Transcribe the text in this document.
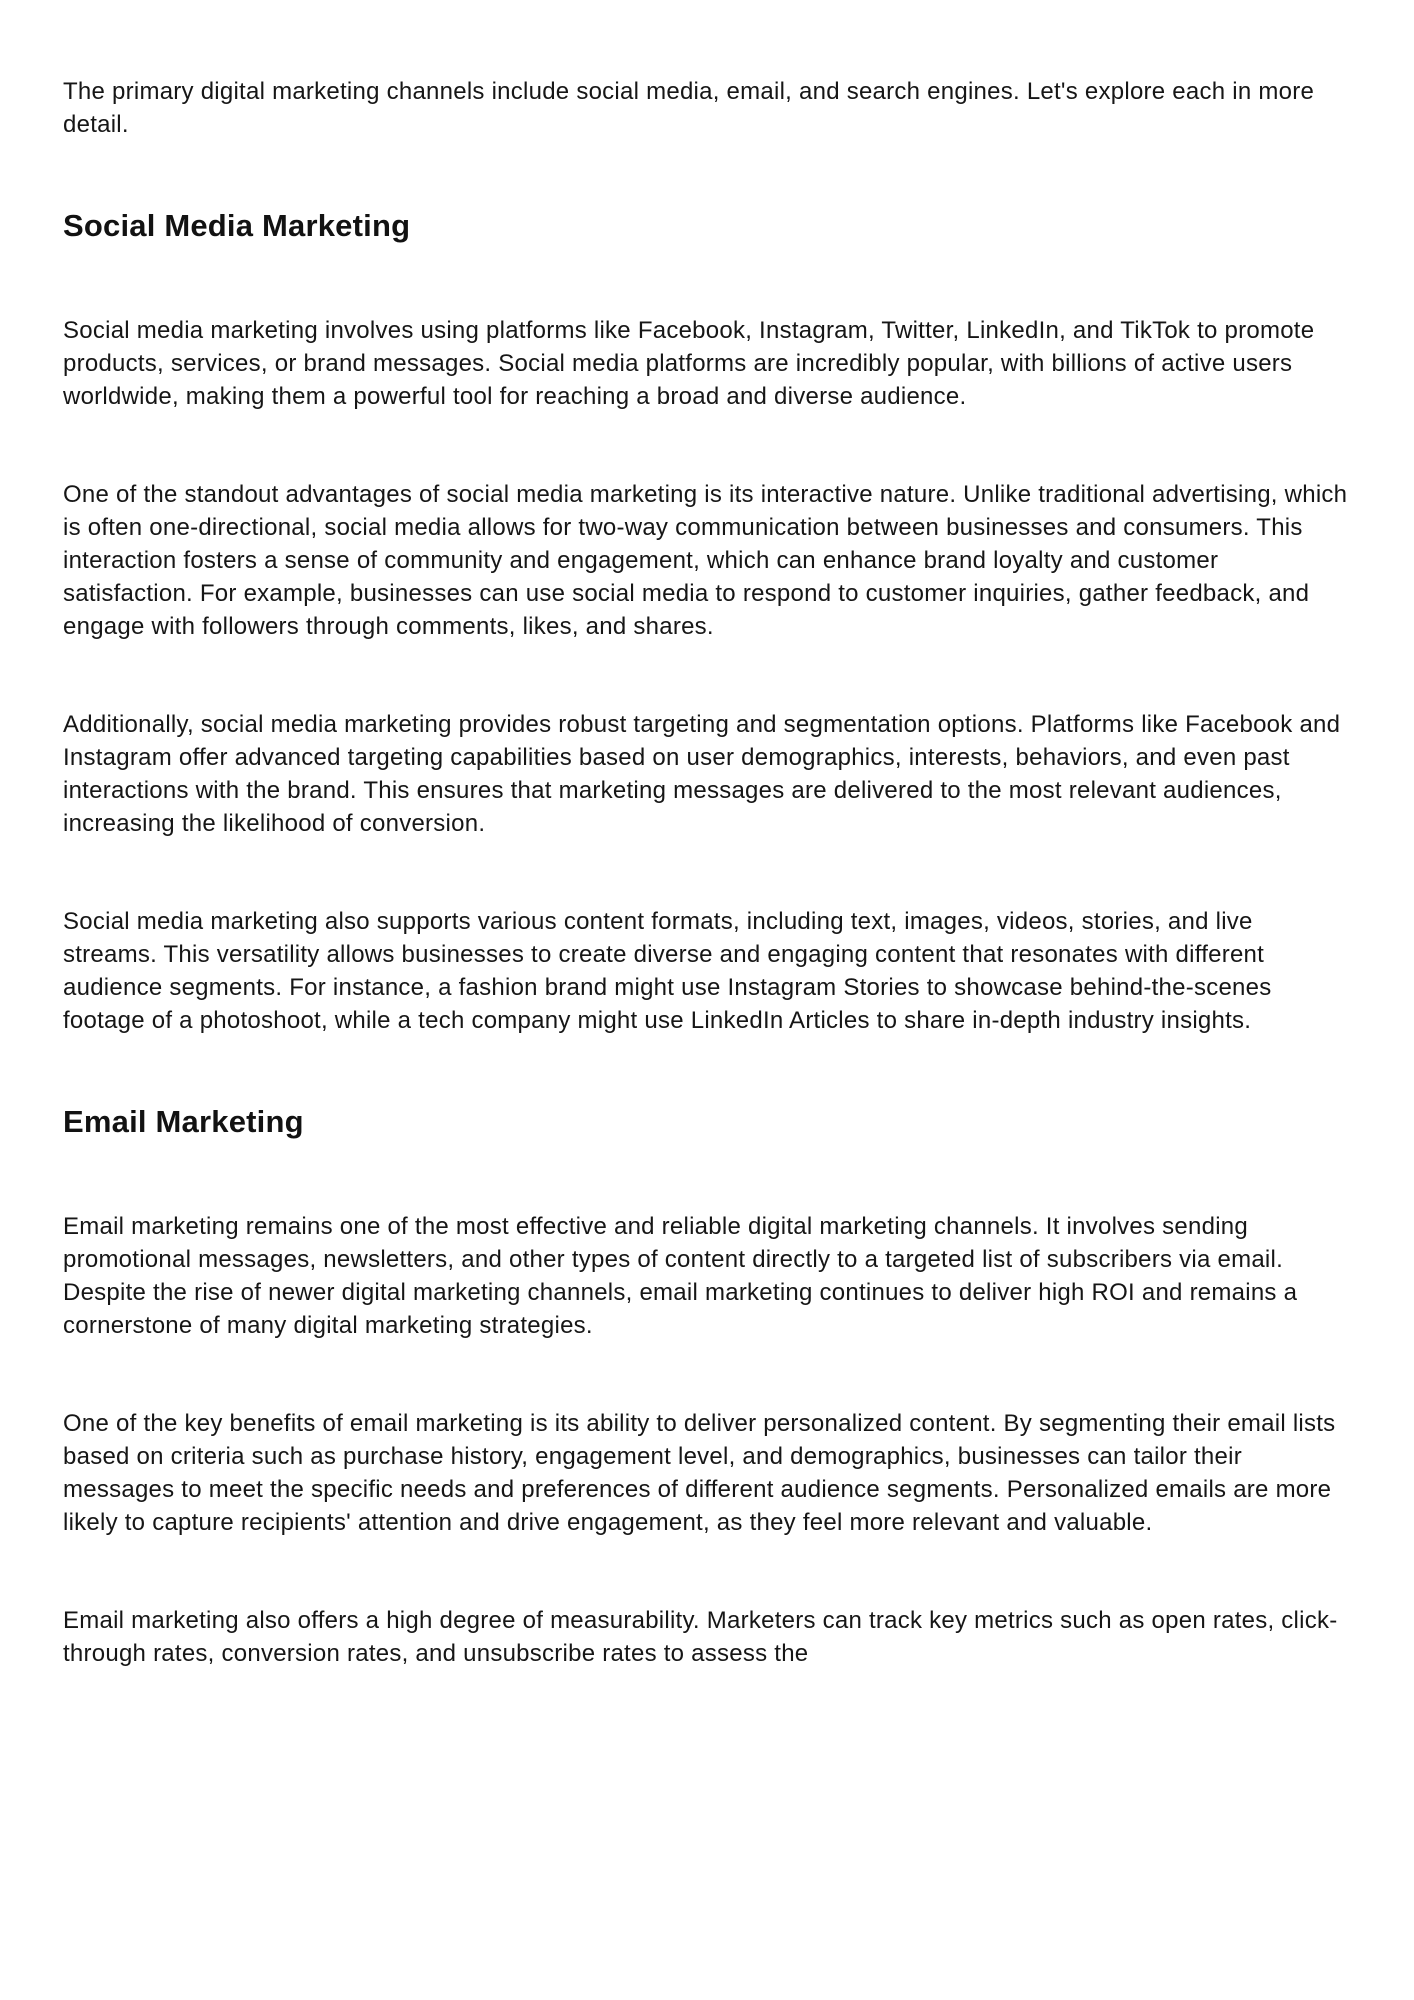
The primary digital marketing channels include social media, email, and search engines. Let's explore each in more detail.

Social Media Marketing

Social media marketing involves using platforms like Facebook, Instagram, Twitter, LinkedIn, and TikTok to promote products, services, or brand messages. Social media platforms are incredibly popular, with billions of active users worldwide, making them a powerful tool for reaching a broad and diverse audience.

One of the standout advantages of social media marketing is its interactive nature. Unlike traditional advertising, which is often one-directional, social media allows for two-way communication between businesses and consumers. This interaction fosters a sense of community and engagement, which can enhance brand loyalty and customer satisfaction. For example, businesses can use social media to respond to customer inquiries, gather feedback, and engage with followers through comments, likes, and shares.

Additionally, social media marketing provides robust targeting and segmentation options. Platforms like Facebook and Instagram offer advanced targeting capabilities based on user demographics, interests, behaviors, and even past interactions with the brand. This ensures that marketing messages are delivered to the most relevant audiences, increasing the likelihood of conversion.

Social media marketing also supports various content formats, including text, images, videos, stories, and live streams. This versatility allows businesses to create diverse and engaging content that resonates with different audience segments. For instance, a fashion brand might use Instagram Stories to showcase behind-the-scenes footage of a photoshoot, while a tech company might use LinkedIn Articles to share in-depth industry insights.

Email Marketing

Email marketing remains one of the most effective and reliable digital marketing channels. It involves sending promotional messages, newsletters, and other types of content directly to a targeted list of subscribers via email. Despite the rise of newer digital marketing channels, email marketing continues to deliver high ROI and remains a cornerstone of many digital marketing strategies.

One of the key benefits of email marketing is its ability to deliver personalized content. By segmenting their email lists based on criteria such as purchase history, engagement level, and demographics, businesses can tailor their messages to meet the specific needs and preferences of different audience segments. Personalized emails are more likely to capture recipients' attention and drive engagement, as they feel more relevant and valuable.

Email marketing also offers a high degree of measurability. Marketers can track key metrics such as open rates, click-through rates, conversion rates, and unsubscribe rates to assess the
